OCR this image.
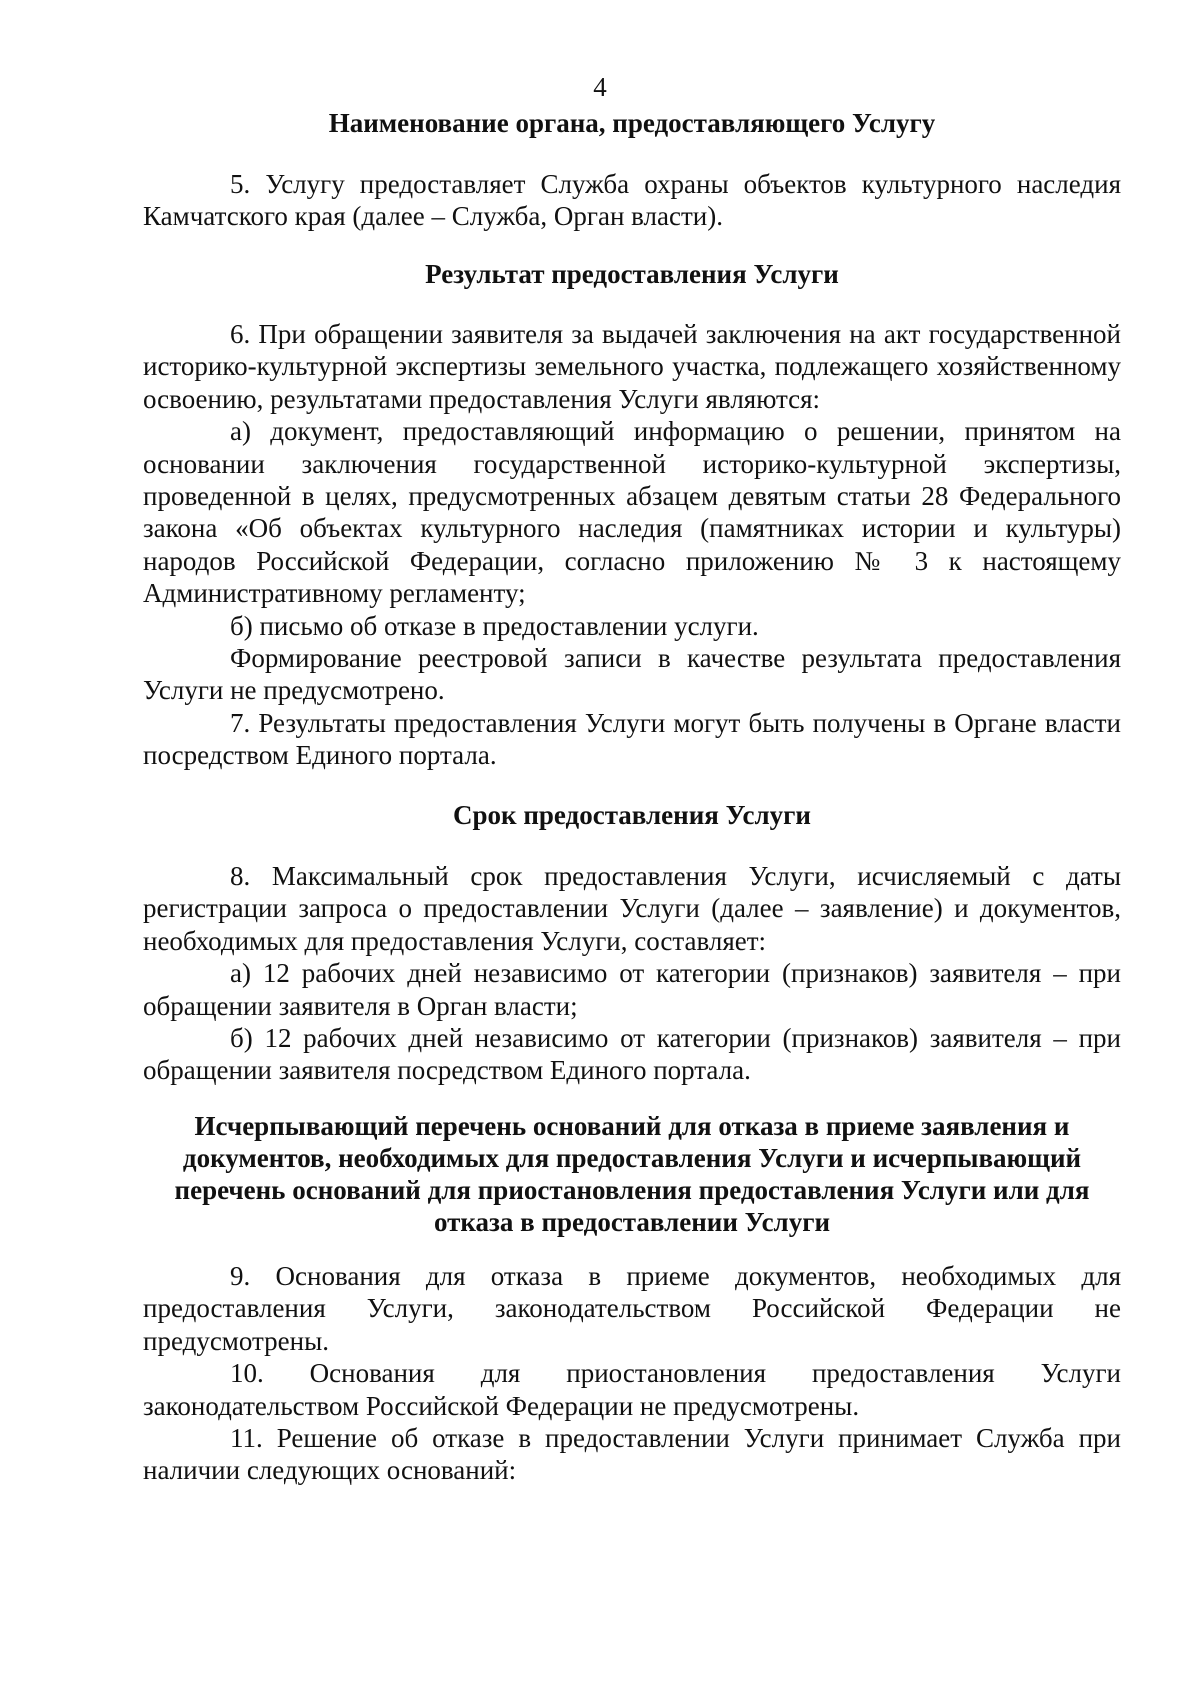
4

Наименование органа, предоставляющего Услугу

5. Услугу предоставляет Служба охраны объектов культурного наследия Камчатского края (далее – Служба, Орган власти).

Результат предоставления Услуги

6. При обращении заявителя за выдачей заключения на акт государственной историко-культурной экспертизы земельного участка, подлежащего хозяйственному освоению, результатами предоставления Услуги являются:

а) документ, предоставляющий информацию о решении, принятом на основании заключения государственной историко-культурной экспертизы, проведенной в целях, предусмотренных абзацем девятым статьи 28 Федерального закона «Об объектах культурного наследия (памятниках истории и культуры) народов Российской Федерации, согласно приложению № 3 к настоящему Административному регламенту;

б) письмо об отказе в предоставлении услуги.

Формирование реестровой записи в качестве результата предоставления Услуги не предусмотрено.

7. Результаты предоставления Услуги могут быть получены в Органе власти посредством Единого портала.

Срок предоставления Услуги

8. Максимальный срок предоставления Услуги, исчисляемый с даты регистрации запроса о предоставлении Услуги (далее – заявление) и документов, необходимых для предоставления Услуги, составляет:

а) 12 рабочих дней независимо от категории (признаков) заявителя – при обращении заявителя в Орган власти;

б) 12 рабочих дней независимо от категории (признаков) заявителя – при обращении заявителя посредством Единого портала.

Исчерпывающий перечень оснований для отказа в приеме заявления и

документов, необходимых для предоставления Услуги и исчерпывающий

перечень оснований для приостановления предоставления Услуги или для

отказа в предоставлении Услуги

9. Основания для отказа в приеме документов, необходимых для предоставления Услуги, законодательством Российской Федерации не предусмотрены.

10. Основания для приостановления предоставления Услуги законодательством Российской Федерации не предусмотрены.

11. Решение об отказе в предоставлении Услуги принимает Служба при наличии следующих оснований:
